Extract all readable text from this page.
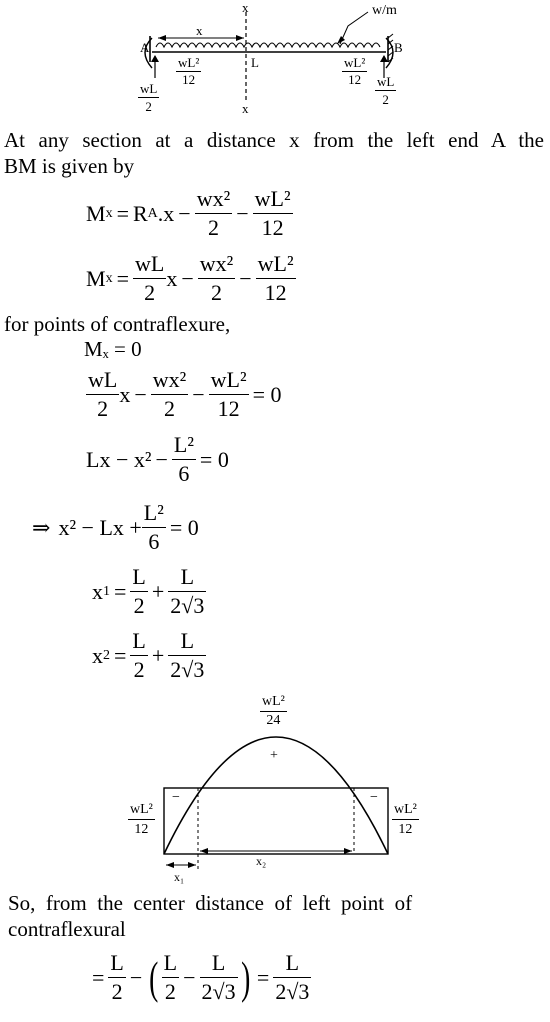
x
x
x
w/m
A	B
L
$\frac{\text{wL²}}{12}$	$\frac{\text{wL²}}{12}$
$\frac{wL}{2}$	$\frac{wL}{2}$
At any section at a distance x from the left end A the
BM is given by
M x = R A $.x - \frac{\text{wx²}}{2} - \frac{\text{wL²}}{12}$
M $x = \frac{wL}{2}$ $x - \frac{\text{wx²}}{2} - \frac{\text{wL²}}{12}$
for points of contraflexure,
Mₓ = 0
$\frac{wL}{2}$ $x - \frac{\text{wx²}}{2} - \frac{\text{wL²}}{12} = 0$
$Lx - x^2 - \frac{\text{L²}}{6} = 0$
⇒ $x^2 - Lx + \frac{\text{L²}}{6} = 0$
x $1 = \frac{L}{2} + \frac{L}{2√3}$
x $2 = \frac{L}{2} + \frac{L}{2√3}$
$\frac{\text{wL²}}{24}$
+
−	−
$\frac{\text{wL²}}{12}$	$\frac{\text{wL²}}{12}$
x₂
x₁
So,  from  the  center  distance  of  left  point  of
contraflexural
= $\frac{L}{2}$ − ( $\frac{L}{2} - \frac{L}{2√3}$ ) = $\frac{L}{2√3}$
